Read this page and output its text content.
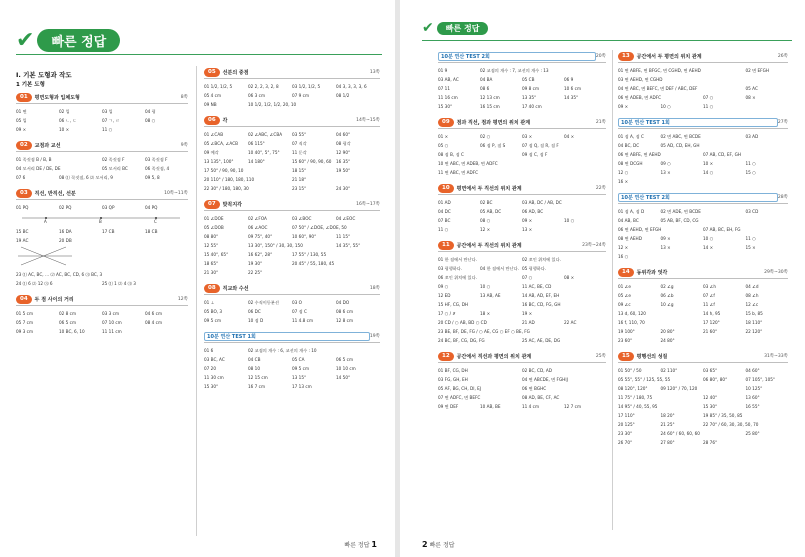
✔	빠른 정답
I. 기본 도형과 작도
1 기본 도형
01	평면도형과 입체도형	8쪽
01 면	02 입	03 입	04 평
05 입	06 ㄴ, ㄷ	07 ㄱ, ㄹ	08 ○
09 ×	10 ×	11 ○
02	교점과 교선	9쪽
01 꼭짓점 B / B, B	02 꼭짓점 F	03 꼭짓점 F
04 모서리 DE / DE, DE	05 모서리 BC	06 꼭짓점, 4
07 6	08 ⑴ 꼭짓점, 6 ⑵ 모서리, 9	09 5, 8
03	직선, 반직선, 선분	10쪽~11쪽
01 PQ	02 PQ	03 QP	04 PQ
A	B	C
15 BC	16 DA	17 CB	18 CB
19 AC	20 DB
23 ⑴ AC, BC, … ⑵ AC, BC, CD, 6 ⑶ BC, 3
24 ⑴ 6 ⑵ 12 ⑶ 6	25 ⑴ 1 ⑵ 4 ⑶ 3
04	두 점 사이의 거리	12쪽
01 5 cm	02 8 cm	03 3 cm	04 6 cm
05 7 cm	06 5 cm	07 10 cm	08 4 cm
09 3 cm	10 BC, 6, 10	11 11 cm
05	선분의 중점	13쪽
01 1/2, 1/2, 5	02 2, 2, 3, 2, 8	03 1/2, 1/2, 5	04 3, 3, 3, 3, 6
05 4 cm	06 3 cm	07 9 cm	08 1/2
09 NB	10 1/2, 1/2, 1/2, 20, 10
06	각	14쪽~15쪽
01 ∠CAB	02 ∠ABC, ∠CBA	03 55°	04 60°
05 ∠BCA, ∠ACB	06 115°	07 직각	08 평각
09 예각	10 40°, 5°, 75°	11 둔각	12 90°
13 135°, 100°	14 180°	15 60° / 90, 90, 60	16 35°
17 50° / 90, 90, 10	18 15°	19 50°
20 110° / 180, 180, 110	21 18°
22 30° / 180, 180, 30	23 15°	24 30°
07	맞꼭지각	16쪽~17쪽
01 ∠DOE	02 ∠FOA	03 ∠BOC	04 ∠EOC
05 ∠DOB	06 ∠AOC	07 50° / ∠DOE, ∠DOE, 50
08 80°	09 75°, 40°	10 60°, 90°	11 15°
12 55°	13 30°, 150° / 30, 30, 150	14 35°, 55°
15 40°, 65°	16 62°, 28°	17 55° / 130, 55
18 65°	19 30°	20 45° / 55, 180, 45
21 30°	22 25°
08	직교와 수선	18쪽
01 ⊥	02 수직이등분선	03 O	04 DO
05 BO, 3	06 DC	07 점 C	08 6 cm
09 5 cm	10 점 D	11 4.8 cm	12 8 cm
10분 연산 TEST 1회	19쪽
01 6	02 교점의 개수 : 6, 교선의 개수 : 10
03 BC, AC	04 CB	05 CA	06 5 cm
07 20	08 10	09 5 cm	10 10 cm
11 30 cm	12 15 cm	13 15°	14 50°
15 30°	16 7 cm	17 13 cm
빠른 정답 1
✔	빠른 정답
10분 연산 TEST 2회	20쪽
01 9	02 교점의 개수 : 7, 교선의 개수 : 13
03 AB, AC	04 BA	05 CB	06 9
07 11	08 6	09 8 cm	10 6 cm
11 16 cm	12 13 cm	13 35°	14 35°
15 30°	16 15 cm	17 40 cm
09	점과 직선, 점과 평면의 위치 관계	21쪽
01 ×	02 ○	03 ×	04 ×
05 ○	06 점 P, 점 S	07 점 Q, 점 R, 점 F
08 점 B, 점 C	09 점 C, 점 F
10 면 ABC, 면 ADEB, 면 ADFC
11 면 ABC, 면 ADFC
10	평면에서 두 직선의 위치 관계	22쪽
01 AD	02 BC	03 AB, DC / AB, DC
04 DC	05 AB, DC	06 AD, BC
07 BC	08 ○	09 ×	10 ○
11 ○	12 ×	13 ×
11	공간에서 두 직선의 위치 관계	23쪽~24쪽
01 한 점에서 만난다.	02 꼬인 위치에 있다.
03 평행하다.	04 한 점에서 만난다. 05 평행하다.
06 꼬인 위치에 있다.	07 ○	08 ×
09 ○	10 ○	11 AC, BE, CD
12 ED	13 AB, AE	14 AB, AD, EF, EH
15 HF, CG, DH	16 BC, CD, FG, GH
17 ○ / ✗	18 ×	19 ×
20 CD / ○ AB, BD ○ CD	21 AD	22 AC
23 BE, BF, DE, FG / ○ AE, CG ○ EF ○ BE, FG
24 BC, BF, CG, DG, FG	25 AC, AE, DE, DG
12	공간에서 직선과 평면의 위치 관계	25쪽
01 BF, CG, DH	02 BC, CD, AD
03 FG, GH, EH	04 면 ABCDE, 면 FGHIJ
05 AF, BG, CH, DI, EJ	06 면 BGHC
07 면 ADFC, 면 BEFC	08 AD, BE, CF, AC
09 면 DEF	10 AB, BE	11 4 cm	12 7 cm
13	공간에서 두 평면의 위치 관계	26쪽
01 면 ABFE, 면 BFGC, 면 CGHD, 면 AEHD	02 면 EFGH
03 면 AEHD, 면 CGHD
04 면 ABC, 면 BEFC, 면 DEF / ABC, DEF	05 AC
06 면 ADEB, 면 ADFC	07 ○	08 ×
09 ×	10 ○	11 ○
10분 연산 TEST 1회	27쪽
01 점 A, 점 C	02 면 ABC, 면 BCDE	03 AD
04 BC, DC	05 AD, CD, EH, GH
06 면 ABFE, 면 AEHD	07 AB, CD, EF, GH
08 면 DCGH	09 ○	10 ×	11 ○
12 ○	13 ×	14 ○	15 ○
16 ×
10분 연산 TEST 2회	28쪽
01 점 A, 점 D	02 면 ADE, 면 BCDE	03 CD
04 AB, BC	05 AB, BF, CD, CG
06 면 AEHD, 면 EFGH	07 AB, BC, EH, FG
08 면 AEHD	09 ×	10 ○	11 ○
12 ×	13 ×	14 ×	15 ×
16 ○
14	동위각과 엇각	29쪽~30쪽
01 ∠e	02 ∠g	03 ∠h	04 ∠d
05 ∠e	06 ∠b	07 ∠f	08 ∠h
09 ∠c	10 ∠g	11 ∠f	12 ∠c
13 d, 60, 120	14 h, 95	15 b, 85
16 f, 110, 70	17 120°	18 110°
19 100°	20 80°	21 60°	22 120°
23 60°	24 80°
15	평행선의 성질	31쪽~33쪽
01 50° / 50	02 110°	03 65°	04 60°
05 55°, 55° / 125, 55, 55	06 80°, 80°	07 105°, 105°
08 120°, 120°	09 120° / 70, 120	10 125°
11 75° / 180, 75	12 40°	13 60°
14 95° / 40, 55, 95	15 30°	16 55°
17 110°	18 20°	19 85° / 35, 50, 85
20 125°	21 25°	22 70° / 60, 30, 30, 50, 70
23 30°	24 60° / 60, 60, 60	25 80°
26 70°	27 80°	28 76°
2 빠른 정답
